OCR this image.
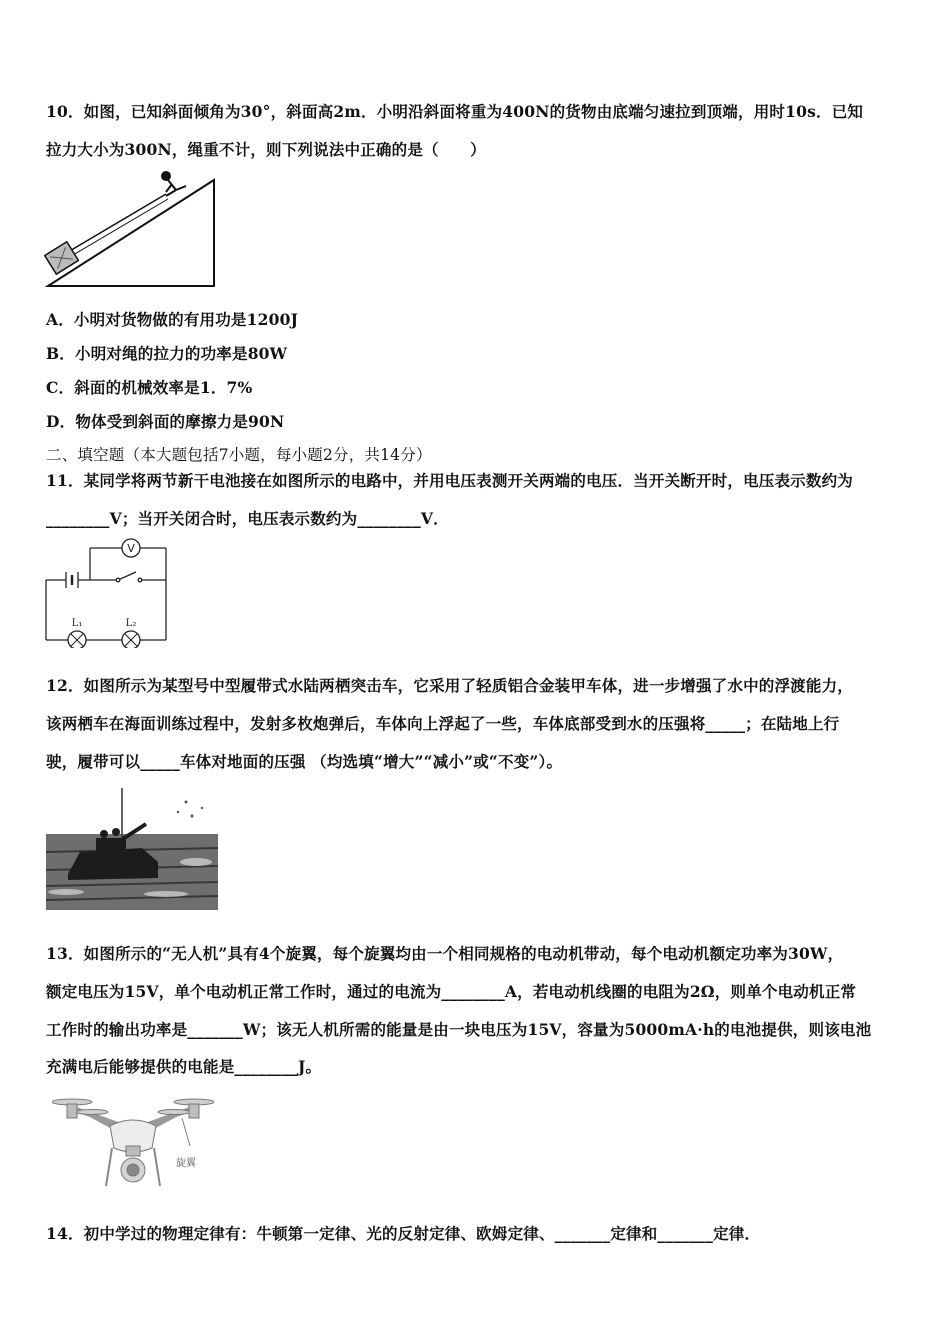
10．如图，已知斜面倾角为30°，斜面高2m．小明沿斜面将重为400N的货物由底端匀速拉到顶端，用时10s．已知
拉力大小为300N，绳重不计，则下列说法中正确的是（　　）
A．小明对货物做的有用功是1200J
B．小明对绳的拉力的功率是80W
C．斜面的机械效率是1．7%
D．物体受到斜面的摩擦力是90N
二、填空题（本大题包括7小题，每小题2分，共14分）
11．某同学将两节新干电池接在如图所示的电路中，并用电压表测开关两端的电压．当开关断开时，电压表示数约为
________V；当开关闭合时，电压表示数约为________V．
V
L₁	L₂
12．如图所示为某型号中型履带式水陆两栖突击车，它采用了轻质铝合金装甲车体，进一步增强了水中的浮渡能力，
该两栖车在海面训练过程中，发射多枚炮弹后，车体向上浮起了一些，车体底部受到水的压强将_____；在陆地上行
驶，履带可以_____车体对地面的压强 （均选填“增大”“减小”或“不变”）。
13．如图所示的“无人机”具有4个旋翼，每个旋翼均由一个相同规格的电动机带动，每个电动机额定功率为30W，
额定电压为15V，单个电动机正常工作时，通过的电流为________A，若电动机线圈的电阻为2Ω，则单个电动机正常
工作时的输出功率是_______W；该无人机所需的能量是由一块电压为15V，容量为5000mA·h的电池提供，则该电池
充满电后能够提供的电能是________J。
旋翼
14．初中学过的物理定律有：牛顿第一定律、光的反射定律、欧姆定律、_______定律和_______定律．
